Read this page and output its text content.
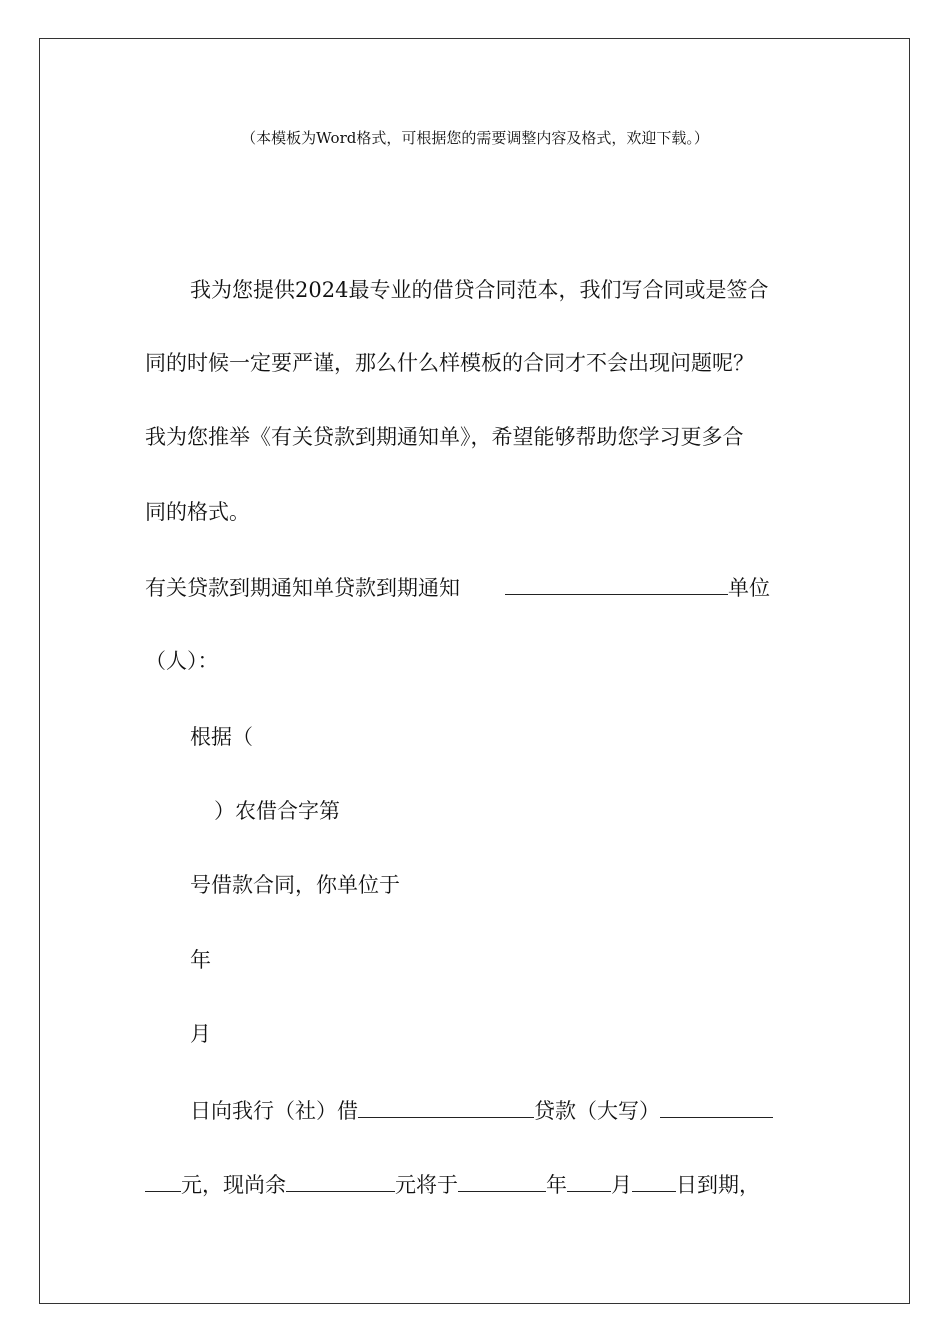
（本模板为Word格式，可根据您的需要调整内容及格式，欢迎下载。）
我为您提供2024最专业的借贷合同范本，我们写合同或是签合
同的时候一定要严谨，那么什么样模板的合同才不会出现问题呢？
我为您推举《有关贷款到期通知单》，希望能够帮助您学习更多合
同的格式。
有关贷款到期通知单贷款到期通知	单位
（人）：
根据（
）农借合字第
号借款合同，你单位于
年
月
日向我行（社）借	贷款（大写）
元，现尚余	元将于	年 月 日到期，
